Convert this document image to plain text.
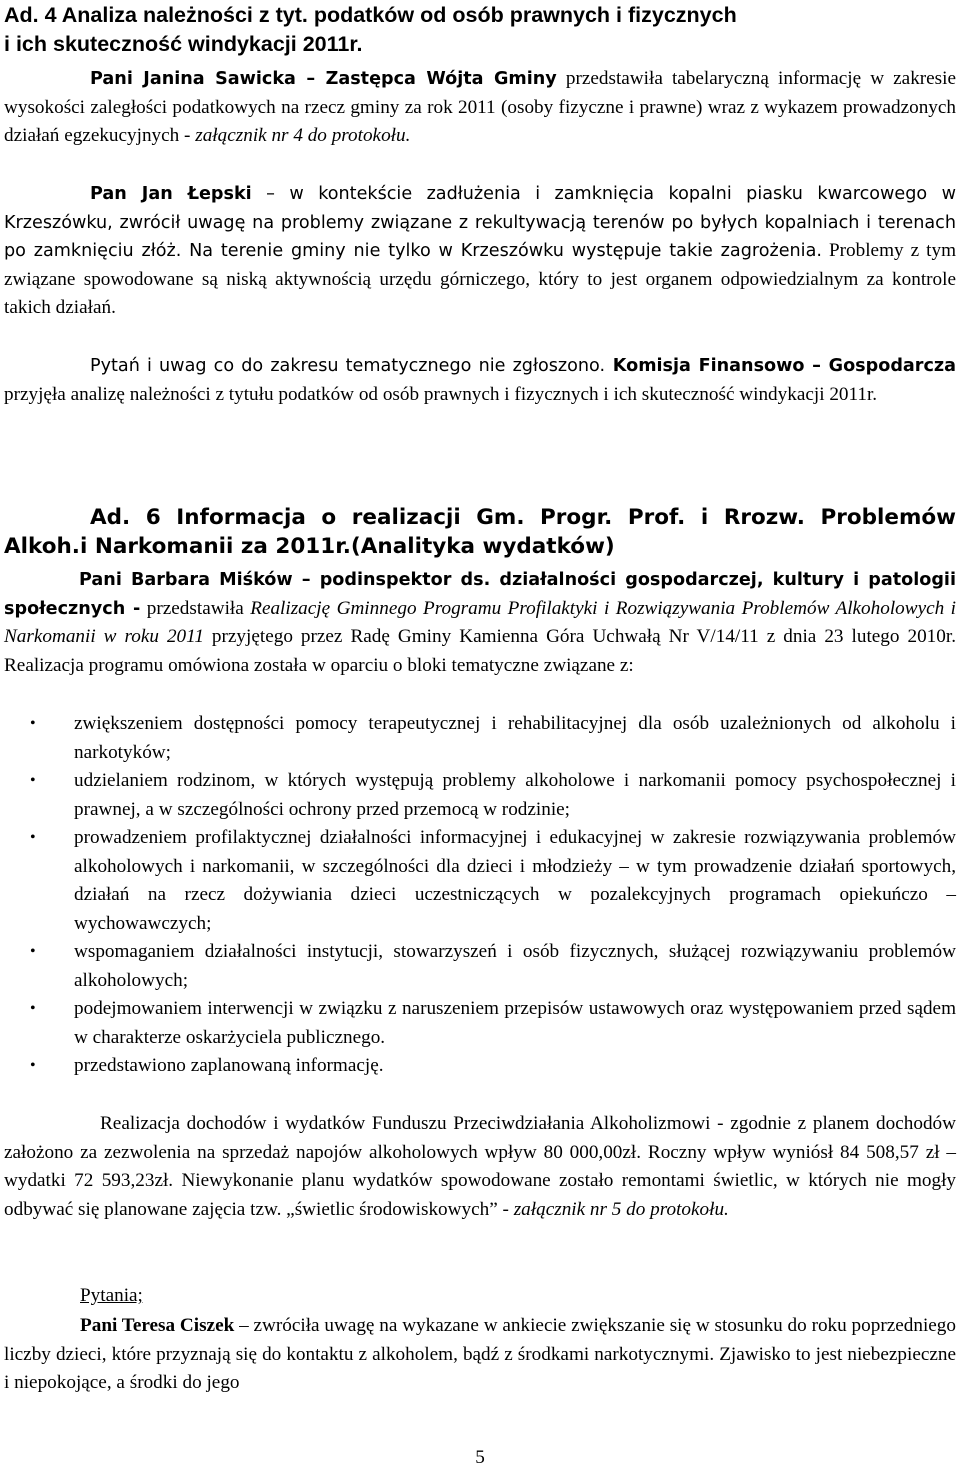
Ad. 4 Analiza należności z tyt. podatków od osób prawnych i fizycznych
i ich skuteczność windykacji 2011r.

Pani Janina Sawicka – Zastępca Wójta Gminy przedstawiła tabelaryczną informację w zakresie wysokości zaległości podatkowych na rzecz gminy za rok 2011 (osoby fizyczne i prawne) wraz z wykazem prowadzonych działań egzekucyjnych - załącznik nr 4 do protokołu.

Pan Jan Łepski – w kontekście zadłużenia i zamknięcia kopalni piasku kwarcowego w Krzeszówku, zwrócił uwagę na problemy związane z rekultywacją terenów po byłych kopalniach i terenach po zamknięciu złóż. Na terenie gminy nie tylko w Krzeszówku występuje takie zagrożenia. Problemy z tym związane spowodowane są niską aktywnością urzędu górniczego, który to jest organem odpowiedzialnym za kontrole takich działań.

Pytań i uwag co do zakresu tematycznego nie zgłoszono. Komisja Finansowo – Gospodarcza przyjęła analizę należności z tytułu podatków od osób prawnych i fizycznych i ich skuteczność windykacji 2011r.

Ad. 6 Informacja o realizacji Gm. Progr. Prof. i Rrozw. Problemów
Alkoh.i Narkomanii za 2011r.(Analityka wydatków)

Pani Barbara Miśków – podinspektor ds. działalności gospodarczej, kultury i patologii społecznych - przedstawiła Realizację Gminnego Programu Profilaktyki i Rozwiązywania Problemów Alkoholowych i Narkomanii w roku 2011 przyjętego przez Radę Gminy Kamienna Góra Uchwałą Nr V/14/11 z dnia 23 lutego 2010r. Realizacja programu omówiona została w oparciu o bloki tematyczne związane z:

• zwiększeniem dostępności pomocy terapeutycznej i rehabilitacyjnej dla osób uzależnionych od alkoholu i narkotyków;
• udzielaniem rodzinom, w których występują problemy alkoholowe i narkomanii pomocy psychospołecznej i prawnej, a w szczególności ochrony przed przemocą w rodzinie;
• prowadzeniem profilaktycznej działalności informacyjnej i edukacyjnej w zakresie rozwiązywania problemów alkoholowych i narkomanii, w szczególności dla dzieci i młodzieży – w tym prowadzenie działań sportowych, działań na rzecz dożywiania dzieci uczestniczących w pozalekcyjnych programach opiekuńczo – wychowawczych;
• wspomaganiem działalności instytucji, stowarzyszeń i osób fizycznych, służącej rozwiązywaniu problemów alkoholowych;
• podejmowaniem interwencji w związku z naruszeniem przepisów ustawowych oraz występowaniem przed sądem w charakterze oskarżyciela publicznego.
• przedstawiono zaplanowaną informację.

Realizacja dochodów i wydatków Funduszu Przeciwdziałania Alkoholizmowi - zgodnie z planem dochodów założono za zezwolenia na sprzedaż napojów alkoholowych wpływ 80 000,00zł. Roczny wpływ wyniósł 84 508,57 zł – wydatki 72 593,23zł. Niewykonanie planu wydatków spowodowane zostało remontami świetlic, w których nie mogły odbywać się planowane zajęcia tzw. „świetlic środowiskowych” - załącznik nr 5 do protokołu.

Pytania;

Pani Teresa Ciszek – zwróciła uwagę na wykazane w ankiecie zwiększanie się w stosunku do roku poprzedniego liczby dzieci, które przyznają się do kontaktu z alkoholem, bądź z środkami narkotycznymi. Zjawisko to jest niebezpieczne i niepokojące, a środki do jego

5
